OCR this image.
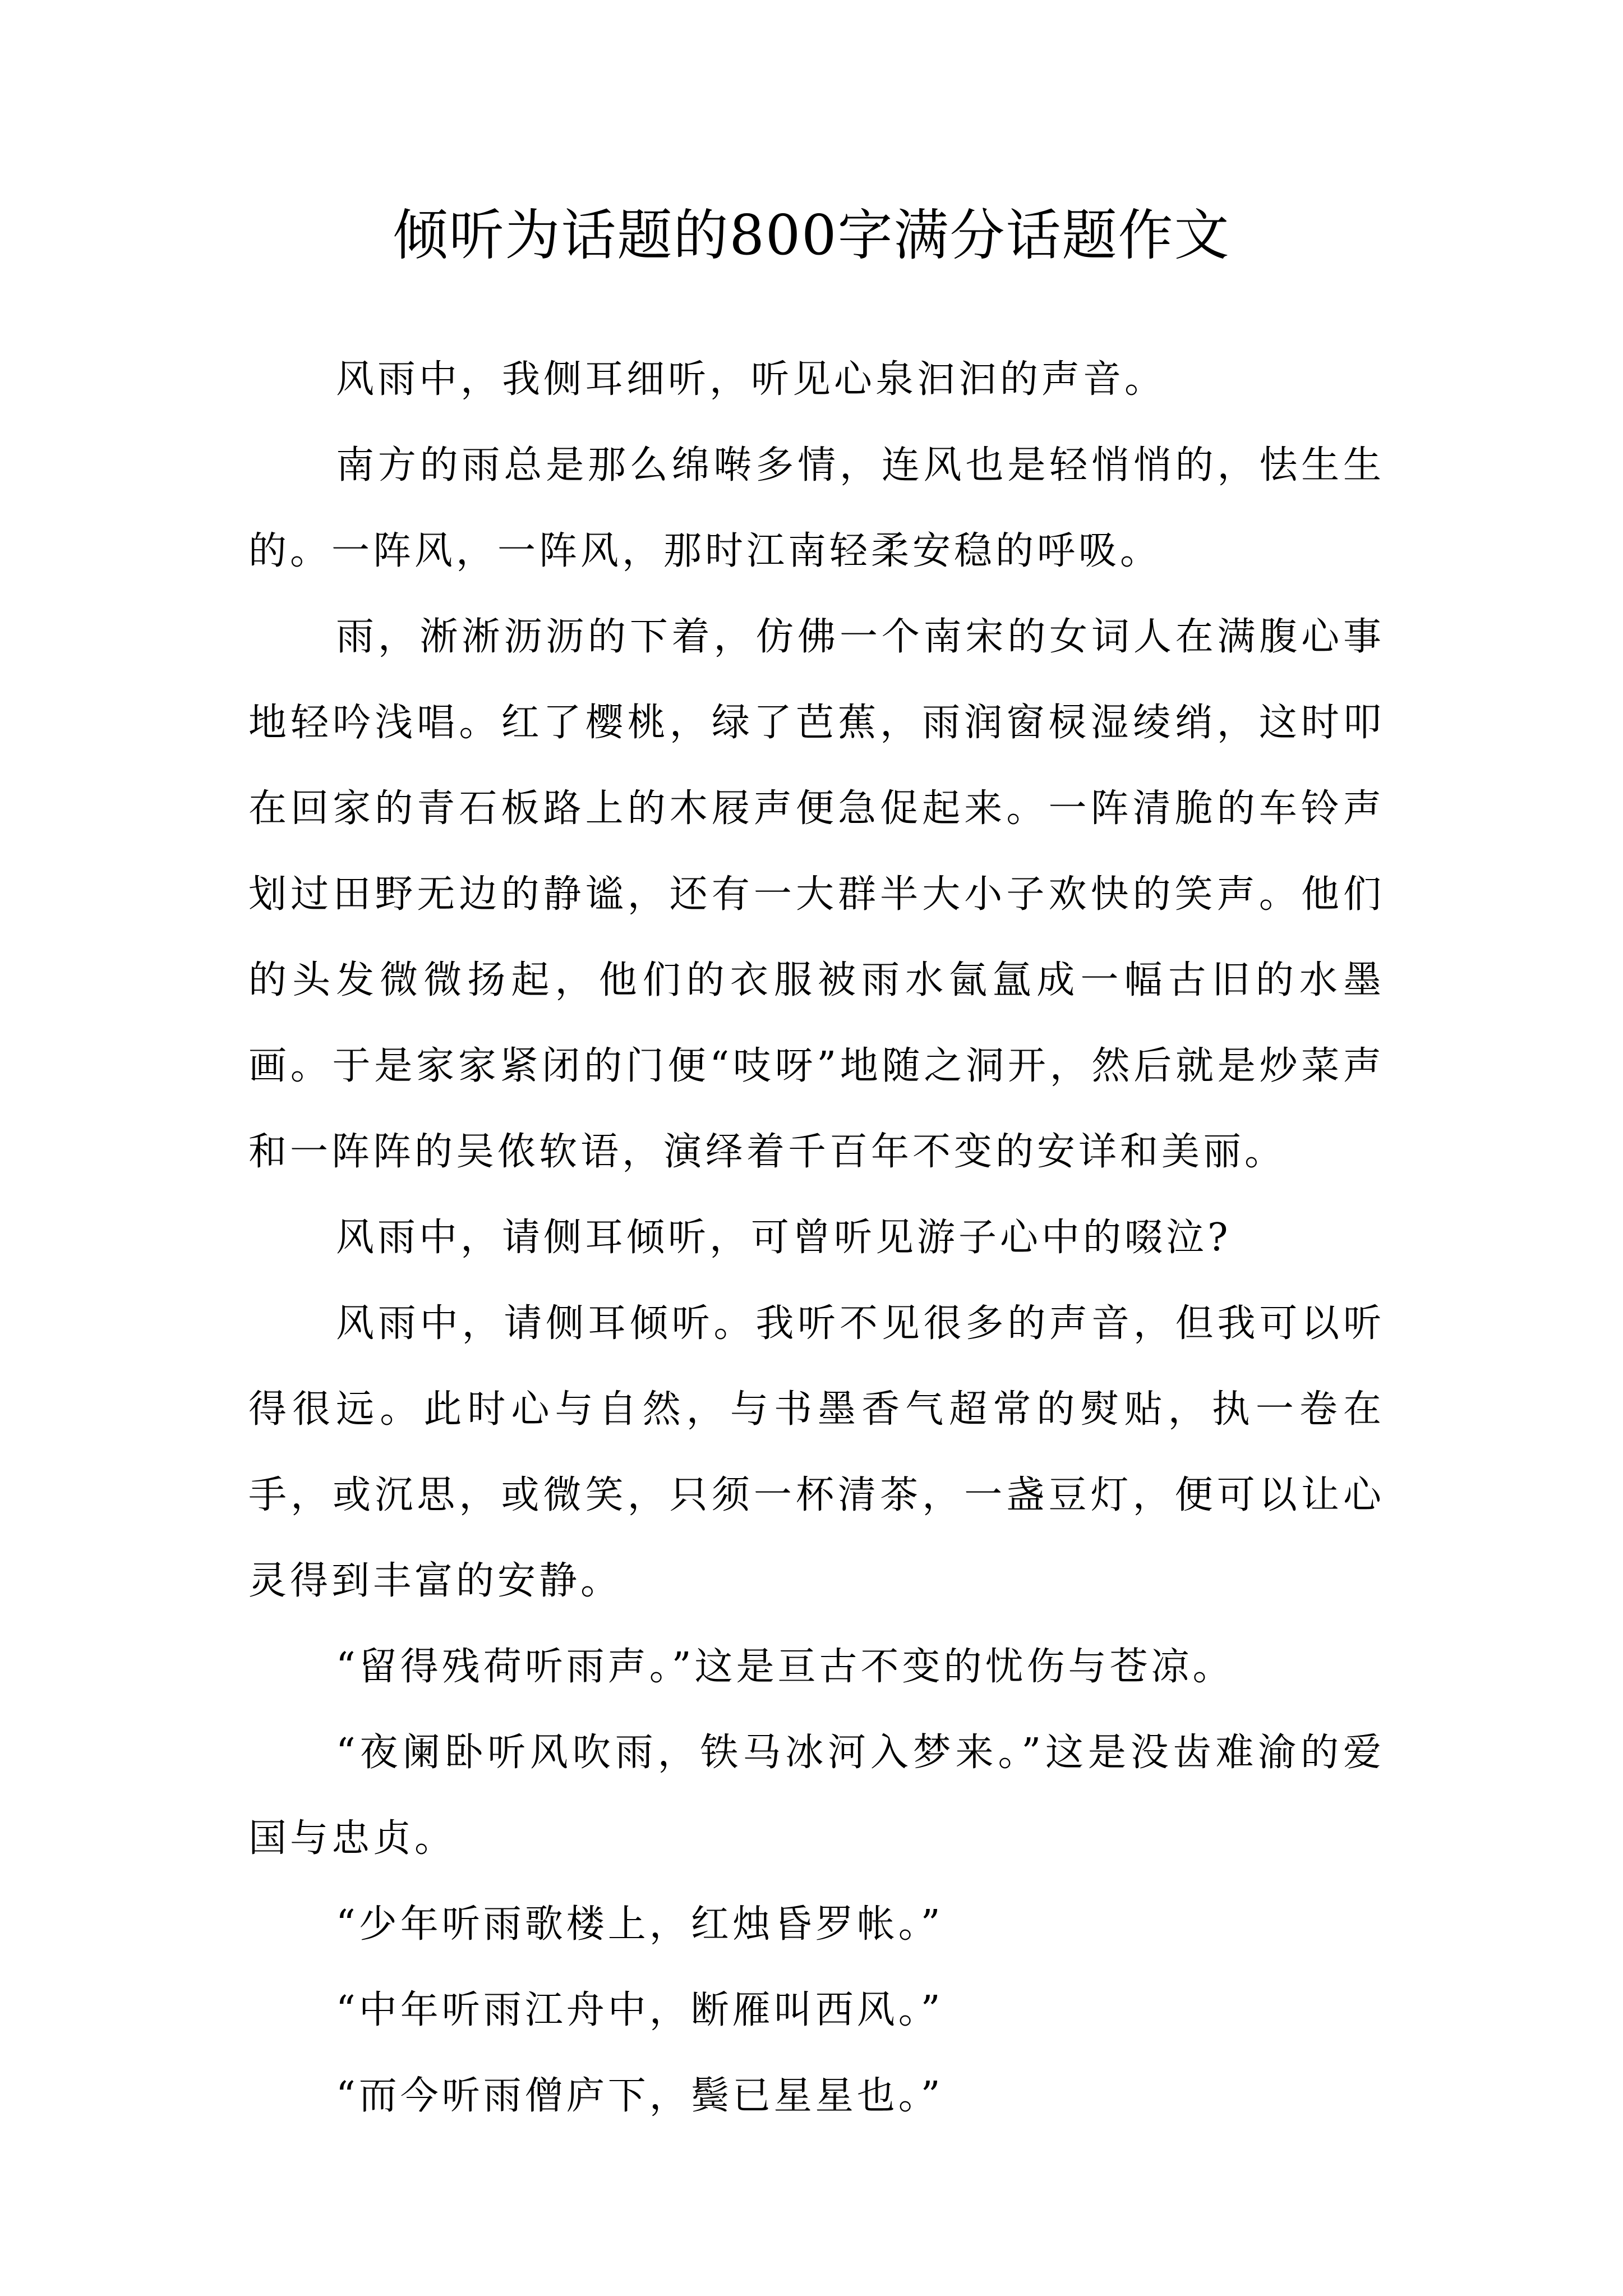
倾听为话题的800字满分话题作文

风雨中，我侧耳细听，听见心泉汩汩的声音。

南方的雨总是那么绵啭多情，连风也是轻悄悄的，怯生生的。一阵风，一阵风，那时江南轻柔安稳的呼吸。

雨，淅淅沥沥的下着，仿佛一个南宋的女词人在满腹心事地轻吟浅唱。红了樱桃，绿了芭蕉，雨润窗棂湿绫绡，这时叩在回家的青石板路上的木屐声便急促起来。一阵清脆的车铃声划过田野无边的静谧，还有一大群半大小子欢快的笑声。他们的头发微微扬起，他们的衣服被雨水氤氲成一幅古旧的水墨画。于是家家紧闭的门便“吱呀”地随之洞开，然后就是炒菜声和一阵阵的吴侬软语，演绎着千百年不变的安详和美丽。

风雨中，请侧耳倾听，可曾听见游子心中的啜泣?

风雨中，请侧耳倾听。我听不见很多的声音，但我可以听得很远。此时心与自然，与书墨香气超常的熨贴，执一卷在手，或沉思，或微笑，只须一杯清茶，一盏豆灯，便可以让心灵得到丰富的安静。

“留得残荷听雨声。”这是亘古不变的忧伤与苍凉。

“夜阑卧听风吹雨，铁马冰河入梦来。”这是没齿难渝的爱国与忠贞。

“少年听雨歌楼上，红烛昏罗帐。”

“中年听雨江舟中，断雁叫西风。”

“而今听雨僧庐下，鬓已星星也。”
